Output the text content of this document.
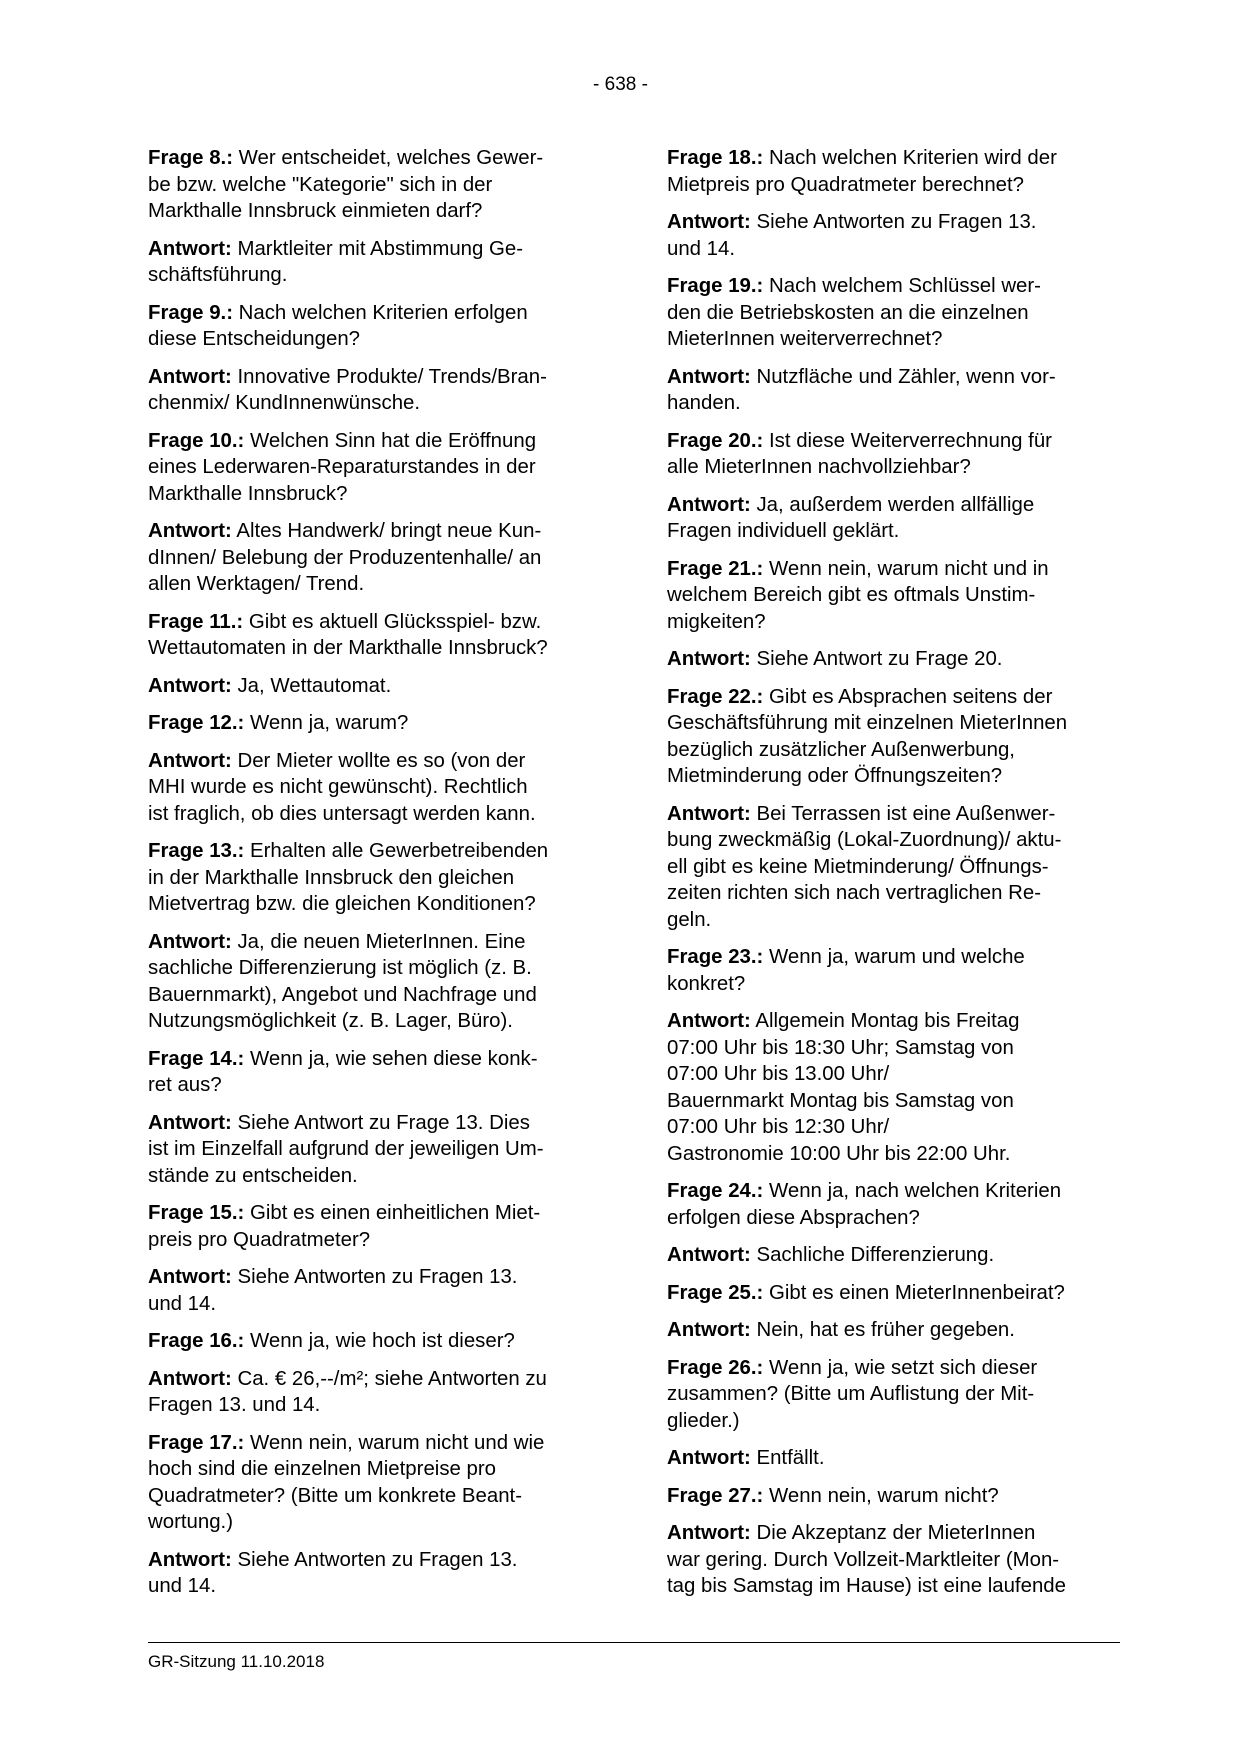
- 638 -
Frage 8.: Wer entscheidet, welches Gewer-
be bzw. welche "Kategorie" sich in der
Markthalle Innsbruck einmieten darf?
Antwort: Marktleiter mit Abstimmung Ge-
schäftsführung.
Frage 9.: Nach welchen Kriterien erfolgen
diese Entscheidungen?
Antwort: Innovative Produkte/ Trends/Bran-
chenmix/ KundInnenwünsche.
Frage 10.: Welchen Sinn hat die Eröffnung
eines Lederwaren-Reparaturstandes in der
Markthalle Innsbruck?
Antwort: Altes Handwerk/ bringt neue Kun-
dInnen/ Belebung der Produzentenhalle/ an
allen Werktagen/ Trend.
Frage 11.: Gibt es aktuell Glücksspiel- bzw.
Wettautomaten in der Markthalle Innsbruck?
Antwort: Ja, Wettautomat.
Frage 12.: Wenn ja, warum?
Antwort: Der Mieter wollte es so (von der
MHI wurde es nicht gewünscht). Rechtlich
ist fraglich, ob dies untersagt werden kann.
Frage 13.: Erhalten alle Gewerbetreibenden
in der Markthalle Innsbruck den gleichen
Mietvertrag bzw. die gleichen Konditionen?
Antwort: Ja, die neuen MieterInnen. Eine
sachliche Differenzierung ist möglich (z. B.
Bauernmarkt), Angebot und Nachfrage und
Nutzungsmöglichkeit (z. B. Lager, Büro).
Frage 14.: Wenn ja, wie sehen diese konk-
ret aus?
Antwort: Siehe Antwort zu Frage 13. Dies
ist im Einzelfall aufgrund der jeweiligen Um-
stände zu entscheiden.
Frage 15.: Gibt es einen einheitlichen Miet-
preis pro Quadratmeter?
Antwort: Siehe Antworten zu Fragen 13.
und 14.
Frage 16.: Wenn ja, wie hoch ist dieser?
Antwort: Ca. € 26,--/m²; siehe Antworten zu
Fragen 13. und 14.
Frage 17.: Wenn nein, warum nicht und wie
hoch sind die einzelnen Mietpreise pro
Quadratmeter? (Bitte um konkrete Beant-
wortung.)
Antwort: Siehe Antworten zu Fragen 13.
und 14.
Frage 18.: Nach welchen Kriterien wird der
Mietpreis pro Quadratmeter berechnet?
Antwort: Siehe Antworten zu Fragen 13.
und 14.
Frage 19.: Nach welchem Schlüssel wer-
den die Betriebskosten an die einzelnen
MieterInnen weiterverrechnet?
Antwort: Nutzfläche und Zähler, wenn vor-
handen.
Frage 20.: Ist diese Weiterverrechnung für
alle MieterInnen nachvollziehbar?
Antwort: Ja, außerdem werden allfällige
Fragen individuell geklärt.
Frage 21.: Wenn nein, warum nicht und in
welchem Bereich gibt es oftmals Unstim-
migkeiten?
Antwort: Siehe Antwort zu Frage 20.
Frage 22.: Gibt es Absprachen seitens der
Geschäftsführung mit einzelnen MieterInnen
bezüglich zusätzlicher Außenwerbung,
Mietminderung oder Öffnungszeiten?
Antwort: Bei Terrassen ist eine Außenwer-
bung zweckmäßig (Lokal-Zuordnung)/ aktu-
ell gibt es keine Mietminderung/ Öffnungs-
zeiten richten sich nach vertraglichen Re-
geln.
Frage 23.: Wenn ja, warum und welche
konkret?
Antwort: Allgemein Montag bis Freitag
07:00 Uhr bis 18:30 Uhr; Samstag von
07:00 Uhr bis 13.00 Uhr/
Bauernmarkt Montag bis Samstag von
07:00 Uhr bis 12:30 Uhr/
Gastronomie 10:00 Uhr bis 22:00 Uhr.
Frage 24.: Wenn ja, nach welchen Kriterien
erfolgen diese Absprachen?
Antwort: Sachliche Differenzierung.
Frage 25.: Gibt es einen MieterInnenbeirat?
Antwort: Nein, hat es früher gegeben.
Frage 26.: Wenn ja, wie setzt sich dieser
zusammen? (Bitte um Auflistung der Mit-
glieder.)
Antwort: Entfällt.
Frage 27.: Wenn nein, warum nicht?
Antwort: Die Akzeptanz der MieterInnen
war gering. Durch Vollzeit-Marktleiter (Mon-
tag bis Samstag im Hause) ist eine laufende
GR-Sitzung 11.10.2018
